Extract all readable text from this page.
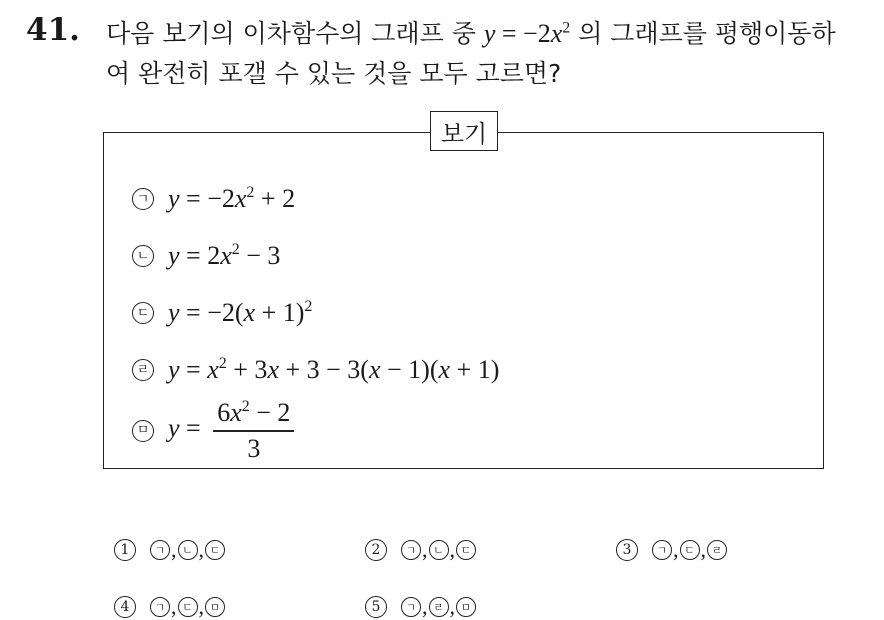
41. 다음 보기의 이차함수의 그래프 중 $y = -2x^2$ 의 그래프를 평행이동하
여 완전히 포갤 수 있는 것을 모두 고르면?
보기
ㄱ $y = -2x^2 + 2$
ㄴ $y = 2x^2 - 3$
ㄷ $y = -2(x + 1)^2$
ㄹ $y = x^2 + 3x + 3 - 3(x - 1)(x + 1)$
ㅁ $y = \frac{6x^2 - 2}{3}$
1	ㄱ , ㄴ , ㄷ	2	ㄱ , ㄴ , ㄷ	3	ㄱ , ㄷ , ㄹ
4	ㄱ , ㄷ , ㅁ	5	ㄱ , ㄹ , ㅁ
